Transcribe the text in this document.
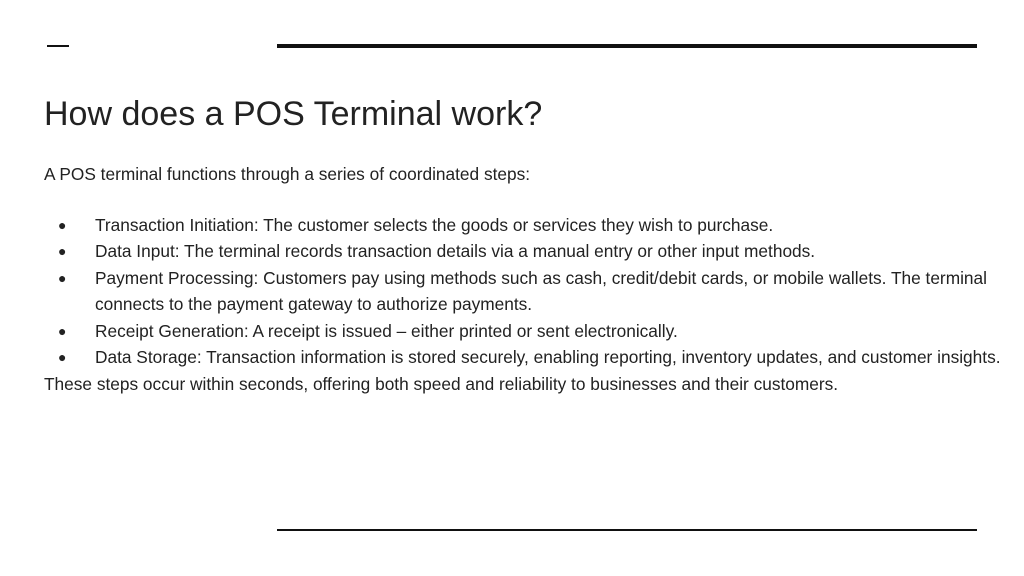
How does a POS Terminal work?

A POS terminal functions through a series of coordinated steps:

● Transaction Initiation: The customer selects the goods or services they wish to purchase.
● Data Input: The terminal records transaction details via a manual entry or other input methods.
● Payment Processing: Customers pay using methods such as cash, credit/debit cards, or mobile wallets. The terminal connects to the payment gateway to authorize payments.
● Receipt Generation: A receipt is issued – either printed or sent electronically.
● Data Storage: Transaction information is stored securely, enabling reporting, inventory updates, and customer insights.

These steps occur within seconds, offering both speed and reliability to businesses and their customers.
